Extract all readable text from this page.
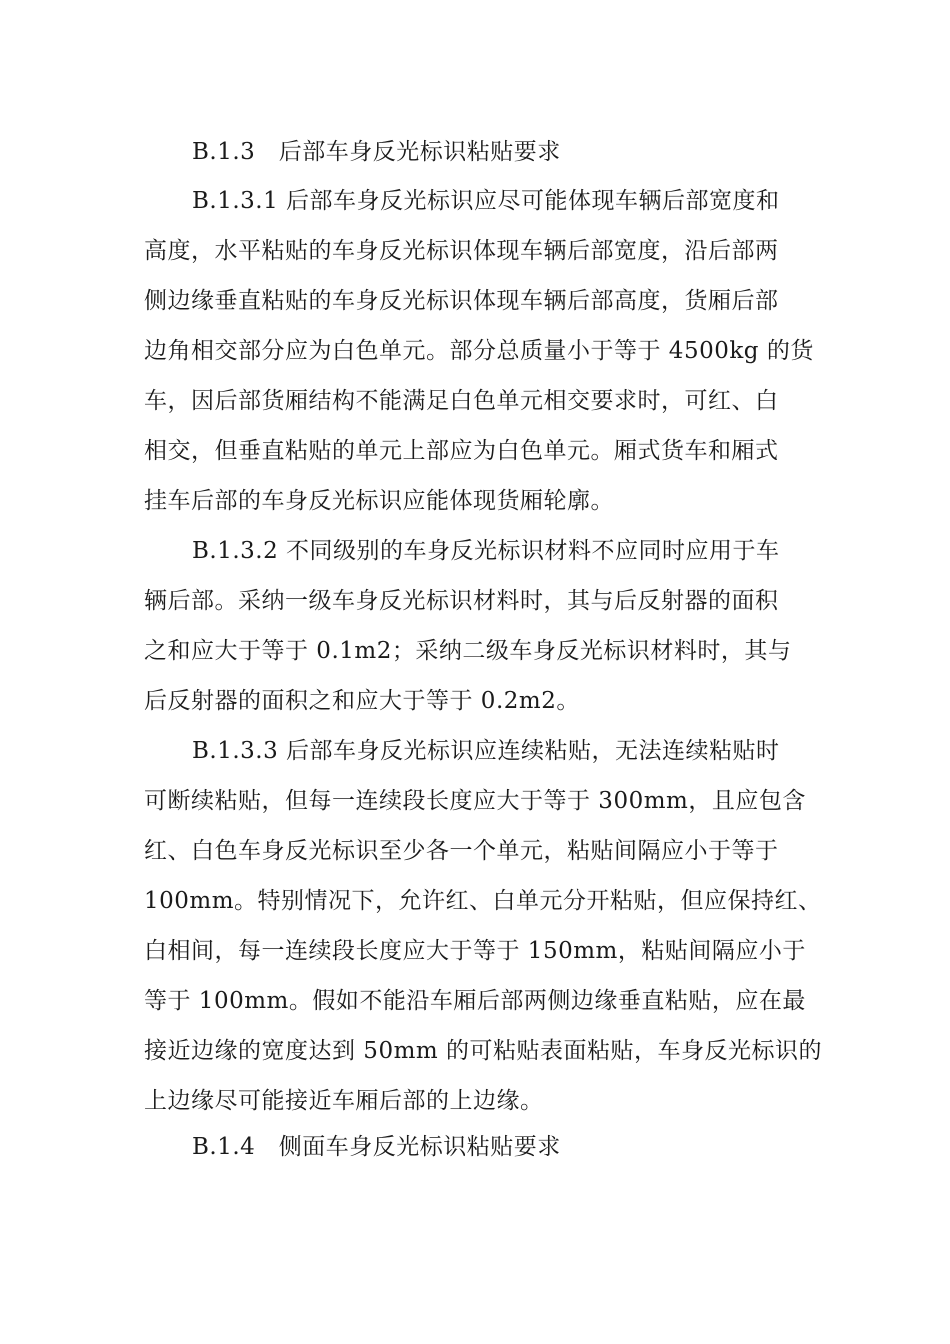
B.1.3　后部车身反光标识粘贴要求
B.1.3.1 后部车身反光标识应尽可能体现车辆后部宽度和
高度，水平粘贴的车身反光标识体现车辆后部宽度，沿后部两
侧边缘垂直粘贴的车身反光标识体现车辆后部高度，货厢后部
边角相交部分应为白色单元。部分总质量小于等于 4500kg 的货
车，因后部货厢结构不能满足白色单元相交要求时，可红、白
相交，但垂直粘贴的单元上部应为白色单元。厢式货车和厢式
挂车后部的车身反光标识应能体现货厢轮廓。
B.1.3.2 不同级别的车身反光标识材料不应同时应用于车
辆后部。采纳一级车身反光标识材料时，其与后反射器的面积
之和应大于等于 0.1m2；采纳二级车身反光标识材料时，其与
后反射器的面积之和应大于等于 0.2m2。
B.1.3.3 后部车身反光标识应连续粘贴，无法连续粘贴时
可断续粘贴，但每一连续段长度应大于等于 300mm，且应包含
红、白色车身反光标识至少各一个单元，粘贴间隔应小于等于
100mm。特别情况下，允许红、白单元分开粘贴，但应保持红、
白相间，每一连续段长度应大于等于 150mm，粘贴间隔应小于
等于 100mm。假如不能沿车厢后部两侧边缘垂直粘贴，应在最
接近边缘的宽度达到 50mm 的可粘贴表面粘贴，车身反光标识的
上边缘尽可能接近车厢后部的上边缘。
B.1.4　侧面车身反光标识粘贴要求
